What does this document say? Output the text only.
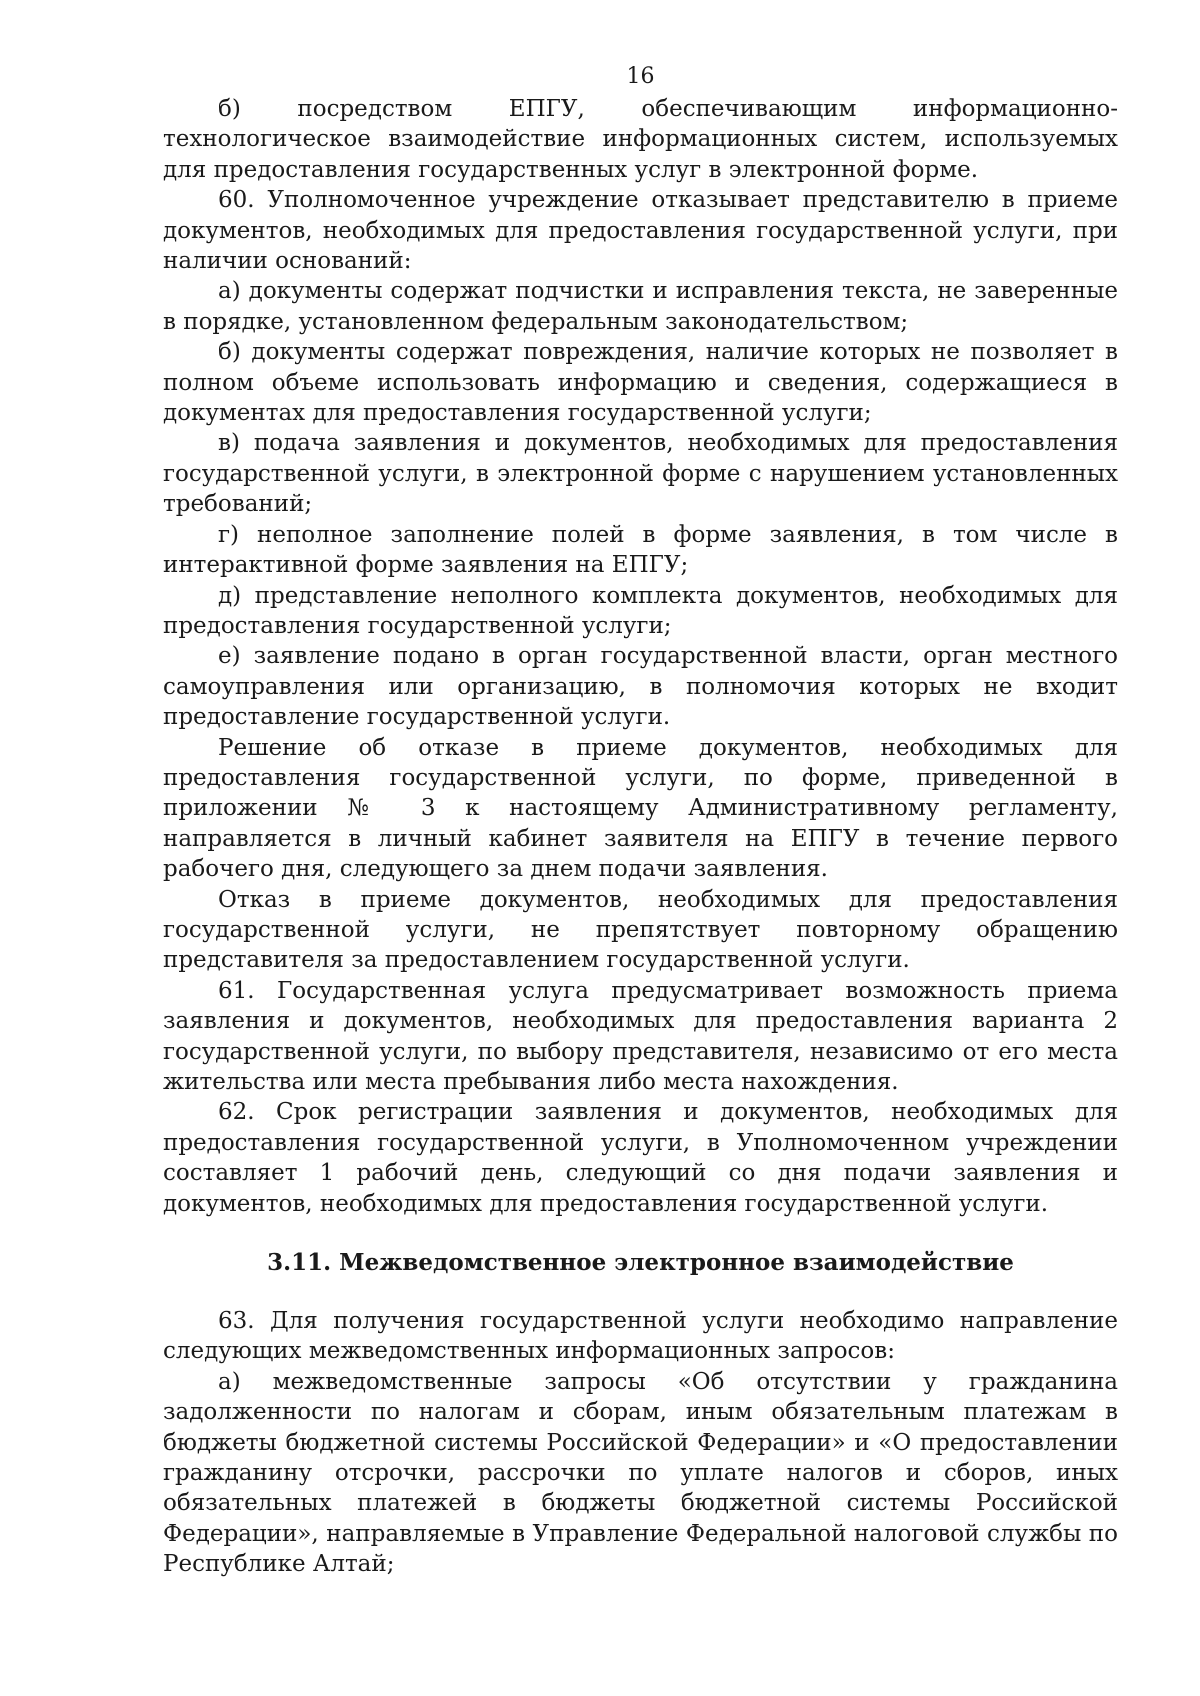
16

б) посредством ЕПГУ, обеспечивающим информационно-технологическое взаимодействие информационных систем, используемых для предоставления государственных услуг в электронной форме.

60. Уполномоченное учреждение отказывает представителю в приеме документов, необходимых для предоставления государственной услуги, при наличии оснований:

а) документы содержат подчистки и исправления текста, не заверенные в порядке, установленном федеральным законодательством;

б) документы содержат повреждения, наличие которых не позволяет в полном объеме использовать информацию и сведения, содержащиеся в документах для предоставления государственной услуги;

в) подача заявления и документов, необходимых для предоставления государственной услуги, в электронной форме с нарушением установленных требований;

г) неполное заполнение полей в форме заявления, в том числе в интерактивной форме заявления на ЕПГУ;

д) представление неполного комплекта документов, необходимых для предоставления государственной услуги;

е) заявление подано в орган государственной власти, орган местного самоуправления или организацию, в полномочия которых не входит предоставление государственной услуги.

Решение об отказе в приеме документов, необходимых для предоставления государственной услуги, по форме, приведенной в приложении № 3 к настоящему Административному регламенту, направляется в личный кабинет заявителя на ЕПГУ в течение первого рабочего дня, следующего за днем подачи заявления.

Отказ в приеме документов, необходимых для предоставления государственной услуги, не препятствует повторному обращению представителя за предоставлением государственной услуги.

61. Государственная услуга предусматривает возможность приема заявления и документов, необходимых для предоставления варианта 2 государственной услуги, по выбору представителя, независимо от его места жительства или места пребывания либо места нахождения.

62. Срок регистрации заявления и документов, необходимых для предоставления государственной услуги, в Уполномоченном учреждении составляет 1 рабочий день, следующий со дня подачи заявления и документов, необходимых для предоставления государственной услуги.

3.11. Межведомственное электронное взаимодействие

63. Для получения государственной услуги необходимо направление следующих межведомственных информационных запросов:

а) межведомственные запросы «Об отсутствии у гражданина задолженности по налогам и сборам, иным обязательным платежам в бюджеты бюджетной системы Российской Федерации» и «О предоставлении гражданину отсрочки, рассрочки по уплате налогов и сборов, иных обязательных платежей в бюджеты бюджетной системы Российской Федерации», направляемые в Управление Федеральной налоговой службы по Республике Алтай;
